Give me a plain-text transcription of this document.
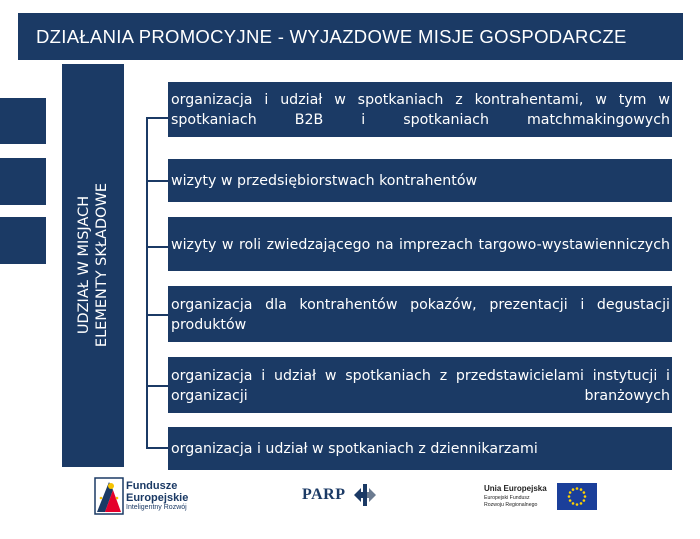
DZIAŁANIA PROMOCYJNE - WYJAZDOWE MISJE GOSPODARCZE
UDZIAŁ W MISJACH ELEMENTY SKŁADOWE
organizacja i udział w spotkaniach z kontrahentami, w tym w spotkaniach B2B i spotkaniach matchmakingowych
wizyty w przedsiębiorstwach kontrahentów
wizyty w roli zwiedzającego na imprezach targowo-wystawienniczych
organizacja dla kontrahentów pokazów, prezentacji i degustacji produktów
organizacja i udział w spotkaniach z przedstawicielami instytucji i organizacji branżowych
organizacja i udział w spotkaniach z dziennikarzami
Fundusze
Europejskie
Inteligentny Rozwój
PARP	Unia Europejska
Europejski Fundusz
Rozwoju Regionalnego
